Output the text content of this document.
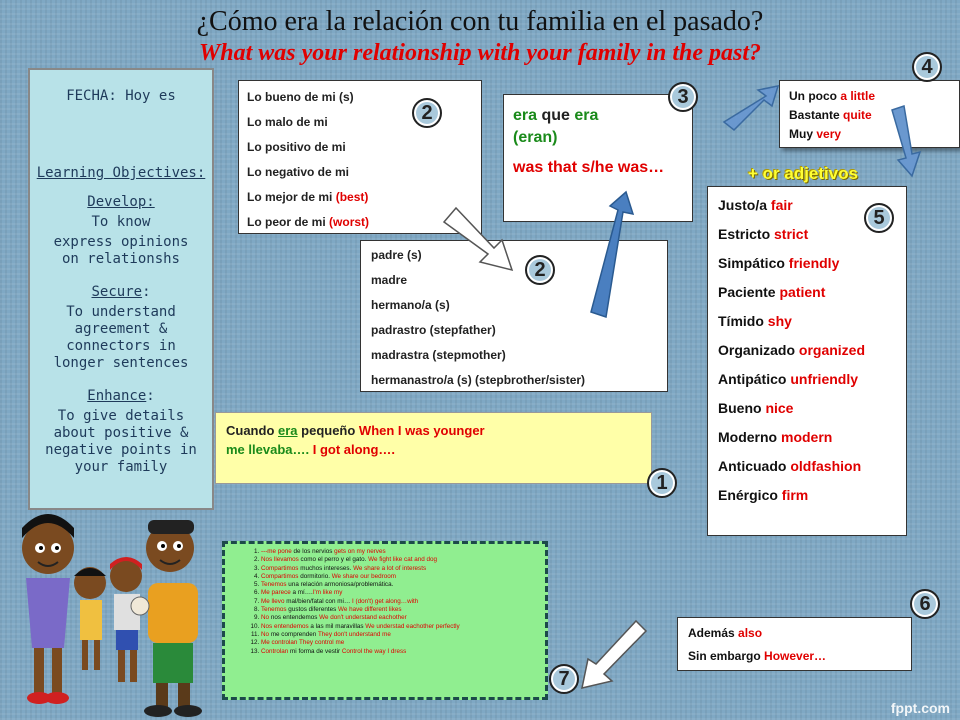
¿Cómo era la relación con tu familia en el pasado?
What was your relationship with your family in the past?
FECHA: Hoy es
Learning Objectives:
Develop:
To know
express opinions on relationshs
Secure:
To understand agreement & connectors in longer sentences
Enhance:
To give details about positive & negative points in your family
Lo bueno de mi (s)
Lo malo de mi
Lo positivo de mi
Lo negativo de mi
Lo mejor de mi (best)
Lo peor de mi (worst)
padre (s)
madre
hermano/a (s)
padrastro (stepfather)
madrastra (stepmother)
hermanastro/a (s) (stepbrother/sister)
era que era
(eran)
was that s/he was…
Cuando era pequeño When I was younger
me llevaba…. I got along….
Un poco a little
Bastante quite
Muy very
+ or adjetivos
Justo/a fair
Estricto strict
Simpático friendly
Paciente patient
Tímido shy
Organizado organized
Antipático unfriendly
Bueno nice
Moderno modern
Anticuado oldfashion
Enérgico firm
Además also
Sin embargo However…
1. ---me pone de los nervios gets on my nerves
2. Nos llevamos como el perro y el gato. We fight like cat and dog
3. Compartimos muchos intereses. We share a lot of interests
4. Compartimos dormitorio. We share our bedroom
5. Tenemos una relación armoniosa/problemática.
6. Me parece a mí….I'm like my
7. Me llevo mal/bien/fatal con mi… I (don't) get along…with
8. Tenemos gustos diferentes We have different likes
9. No nos entendemos We don't understand eachother
10. Nos entendemos a las mil maravillas We understad eachother perfectly
11. No me comprenden They don't understand me
12. Me controlan They control me
13. Controlan mi forma de vestir Control the way I dress
2
2
3
4
5
1
6
7
fppt.com
